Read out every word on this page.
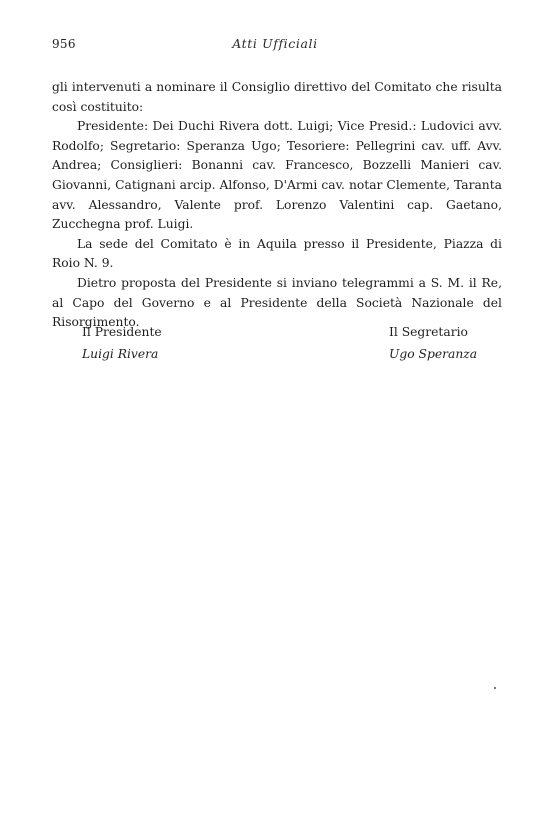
956	Atti Ufficiali

gli intervenuti a nominare il Consiglio direttivo del Comitato che risulta così costituito:

Presidente: Dei Duchi Rivera dott. Luigi; Vice Presid.: Ludovici avv. Rodolfo; Segretario: Speranza Ugo; Tesoriere: Pellegrini cav. uff. Avv. Andrea; Consiglieri: Bonanni cav. Francesco, Bozzelli Manieri cav. Giovanni, Catignani arcip. Alfonso, D'Armi cav. notar Clemente, Taranta avv. Alessandro, Valente prof. Lorenzo Valentini cap. Gaetano, Zucchegna prof. Luigi.

La sede del Comitato è in Aquila presso il Presidente, Piazza di Roio N. 9.

Dietro proposta del Presidente si inviano telegrammi a S. M. il Re, al Capo del Governo e al Presidente della Società Nazionale del Risorgimento.

Il Presidente
Luigi Rivera
Il Segretario
Ugo Speranza
